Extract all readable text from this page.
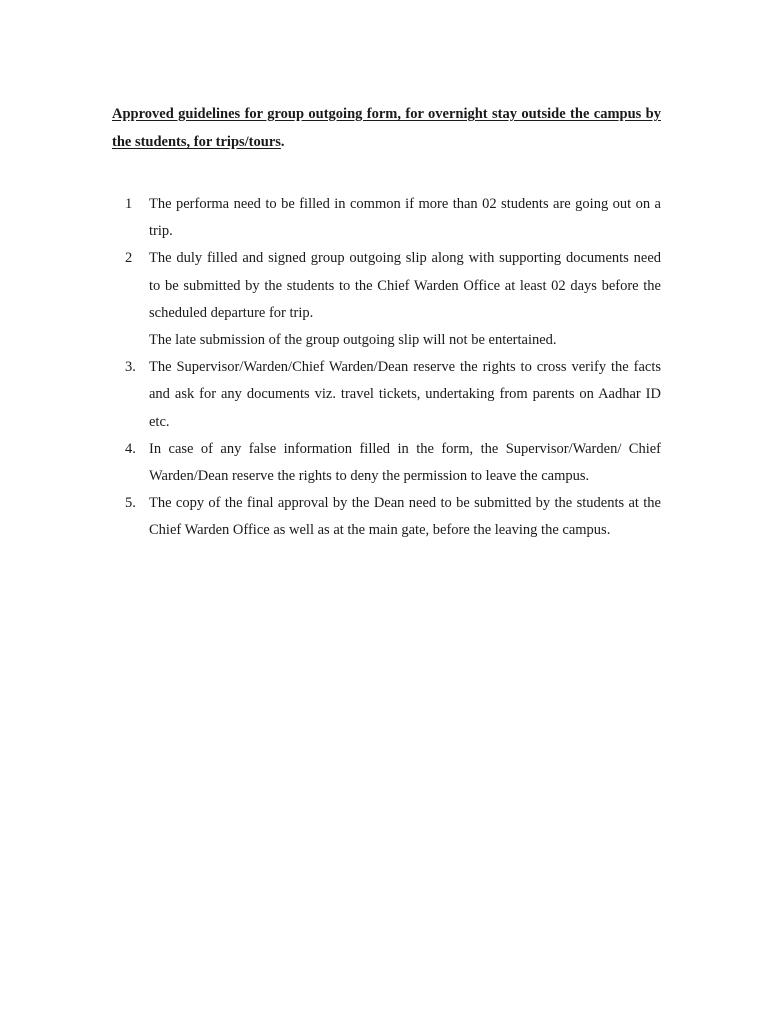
Approved guidelines for group outgoing form, for overnight stay outside the campus by the students, for trips/tours.
1 The performa need to be filled in common if more than 02 students are going out on a trip.
2 The duly filled and signed group outgoing slip along with supporting documents need to be submitted by the students to the Chief Warden Office at least 02 days before the scheduled departure for trip.
The late submission of the group outgoing slip will not be entertained.
3. The Supervisor/Warden/Chief Warden/Dean reserve the rights to cross verify the facts and ask for any documents viz. travel tickets, undertaking from parents on Aadhar ID etc.
4. In case of any false information filled in the form, the Supervisor/Warden/ Chief Warden/Dean reserve the rights to deny the permission to leave the campus.
5. The copy of the final approval by the Dean need to be submitted by the students at the Chief Warden Office as well as at the main gate, before the leaving the campus.
